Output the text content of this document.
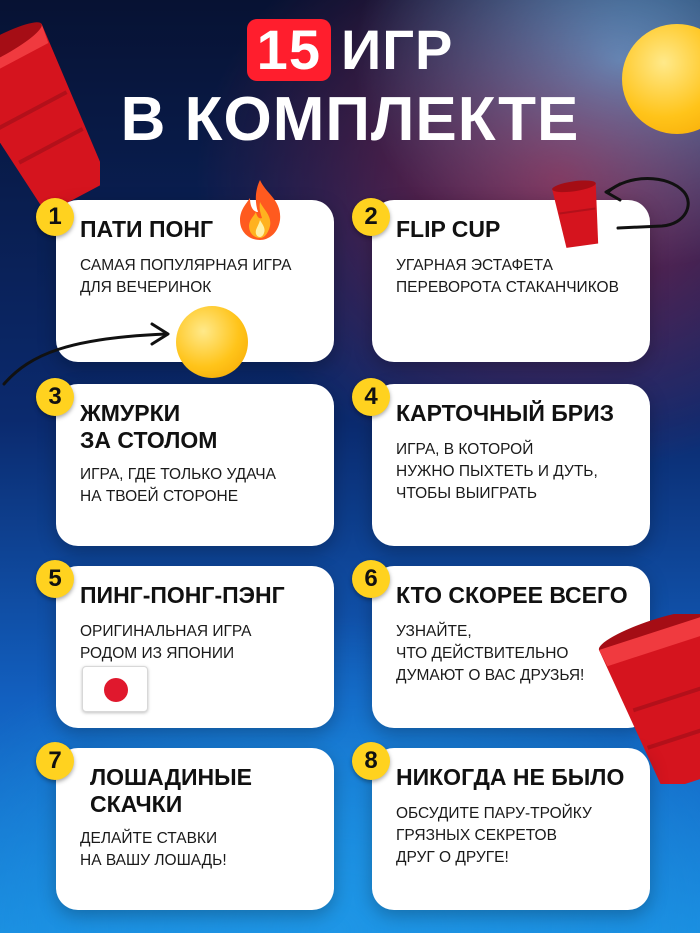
15 ИГР
В КОМПЛЕКТЕ
ПАТИ ПОНГ
САМАЯ ПОПУЛЯРНАЯ ИГРА
ДЛЯ ВЕЧЕРИНОК
1	FLIP CUP
УГАРНАЯ ЭСТАФЕТА
ПЕРЕВОРОТА СТАКАНЧИКОВ
2
ЖМУРКИ
ЗА СТОЛОМ
ИГРА, ГДЕ ТОЛЬКО УДАЧА
НА ТВОЕЙ СТОРОНЕ
3
КАРТОЧНЫЙ БРИЗ
ИГРА, В КОТОРОЙ
НУЖНО ПЫХТЕТЬ И ДУТЬ,
ЧТОБЫ ВЫИГРАТЬ
4
ПИНГ-ПОНГ-ПЭНГ
ОРИГИНАЛЬНАЯ ИГРА
РОДОМ ИЗ ЯПОНИИ
5
КТО СКОРЕЕ ВСЕГО
УЗНАЙТЕ,
ЧТО ДЕЙСТВИТЕЛЬНО
ДУМАЮТ О ВАС ДРУЗЬЯ!
6
ЛОШАДИНЫЕ
СКАЧКИ
ДЕЛАЙТЕ СТАВКИ
НА ВАШУ ЛОШАДЬ!
7
НИКОГДА НЕ БЫЛО
ОБСУДИТЕ ПАРУ-ТРОЙКУ
ГРЯЗНЫХ СЕКРЕТОВ
ДРУГ О ДРУГЕ!
8
